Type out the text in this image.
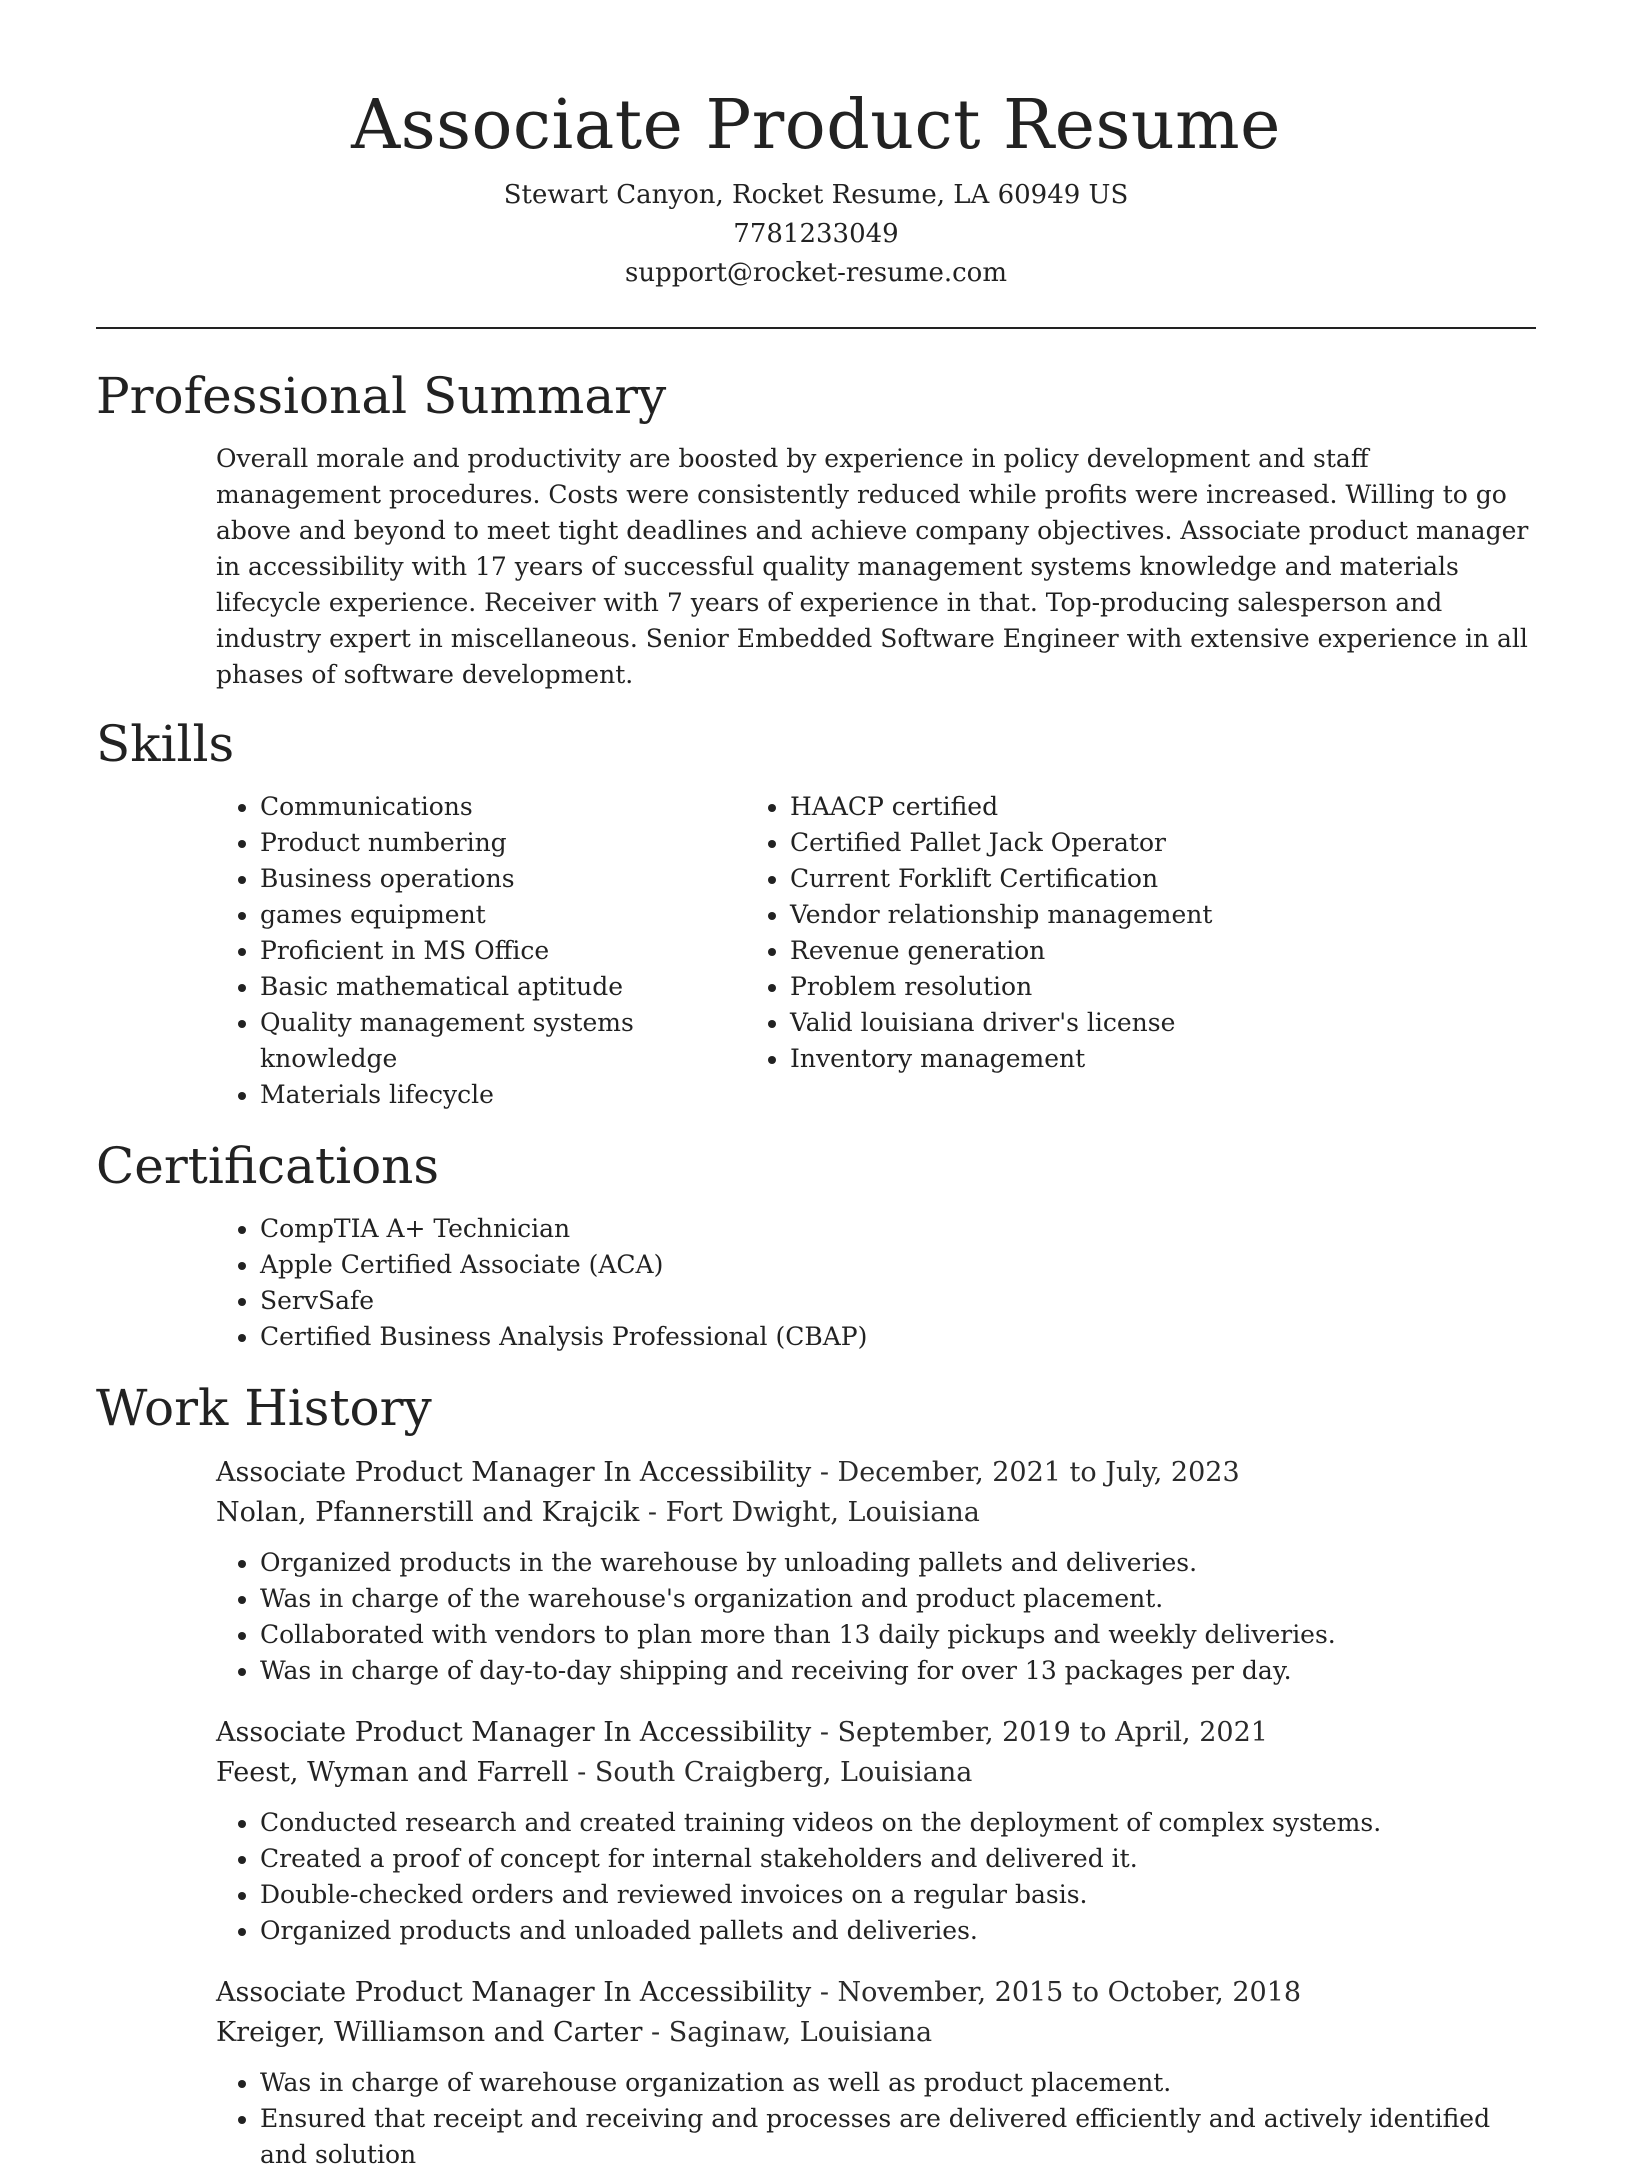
Associate Product Resume
Stewart Canyon, Rocket Resume, LA 60949 US
7781233049
support@rocket-resume.com
Professional Summary

Overall morale and productivity are boosted by experience in policy development and staff management procedures. Costs were consistently reduced while profits were increased. Willing to go above and beyond to meet tight deadlines and achieve company objectives. Associate product manager in accessibility with 17 years of successful quality management systems knowledge and materials lifecycle experience. Receiver with 7 years of experience in that. Top-producing salesperson and industry expert in miscellaneous. Senior Embedded Software Engineer with extensive experience in all phases of software development.

Skills
• Communications
• Product numbering
• Business operations
• games equipment
• Proficient in MS Office
• Basic mathematical aptitude
• Quality management systems knowledge
• Materials lifecycle
• HAACP certified
• Certified Pallet Jack Operator
• Current Forklift Certification
• Vendor relationship management
• Revenue generation
• Problem resolution
• Valid louisiana driver's license
• Inventory management
Certifications
• CompTIA A+ Technician
• Apple Certified Associate (ACA)
• ServSafe
• Certified Business Analysis Professional (CBAP)
Work History
Associate Product Manager In Accessibility - December, 2021 to July, 2023
Nolan, Pfannerstill and Krajcik - Fort Dwight, Louisiana
• Organized products in the warehouse by unloading pallets and deliveries.
• Was in charge of the warehouse's organization and product placement.
• Collaborated with vendors to plan more than 13 daily pickups and weekly deliveries.
• Was in charge of day-to-day shipping and receiving for over 13 packages per day.
Associate Product Manager In Accessibility - September, 2019 to April, 2021
Feest, Wyman and Farrell - South Craigberg, Louisiana
• Conducted research and created training videos on the deployment of complex systems.
• Created a proof of concept for internal stakeholders and delivered it.
• Double-checked orders and reviewed invoices on a regular basis.
• Organized products and unloaded pallets and deliveries.
Associate Product Manager In Accessibility - November, 2015 to October, 2018
Kreiger, Williamson and Carter - Saginaw, Louisiana
• Was in charge of warehouse organization as well as product placement.
• Ensured that receipt and receiving and processes are delivered efficiently and actively identified and solution
